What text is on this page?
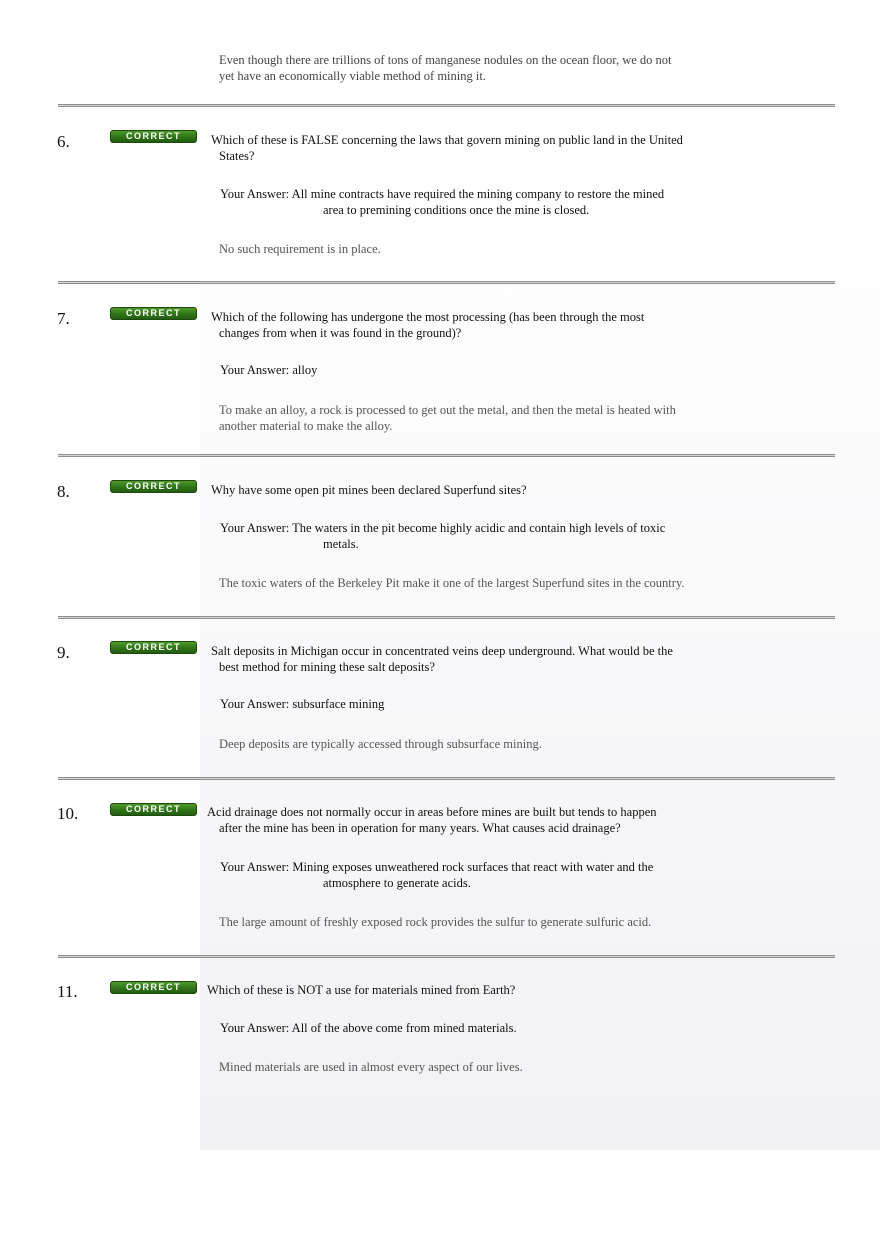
Even though there are trillions of tons of manganese nodules on the ocean floor, we do not
yet have an economically viable method of mining it.
6.	CORRECT	Which of these is FALSE concerning the laws that govern mining on public land in the United
States?
Your Answer: All mine contracts have required the mining company to restore the mined
area to premining conditions once the mine is closed.
No such requirement is in place.
7.	CORRECT	Which of the following has undergone the most processing (has been through the most
changes from when it was found in the ground)?
Your Answer: alloy
To make an alloy, a rock is processed to get out the metal, and then the metal is heated with
another material to make the alloy.
8.	CORRECT	Why have some open pit mines been declared Superfund sites?
Your Answer: The waters in the pit become highly acidic and contain high levels of toxic
metals.
The toxic waters of the Berkeley Pit make it one of the largest Superfund sites in the country.
9.	CORRECT	Salt deposits in Michigan occur in concentrated veins deep underground. What would be the
best method for mining these salt deposits?
Your Answer: subsurface mining
Deep deposits are typically accessed through subsurface mining.
10.	CORRECT	Acid drainage does not normally occur in areas before mines are built but tends to happen
after the mine has been in operation for many years. What causes acid drainage?
Your Answer: Mining exposes unweathered rock surfaces that react with water and the
atmosphere to generate acids.
The large amount of freshly exposed rock provides the sulfur to generate sulfuric acid.
11.	CORRECT	Which of these is NOT a use for materials mined from Earth?
Your Answer: All of the above come from mined materials.
Mined materials are used in almost every aspect of our lives.
